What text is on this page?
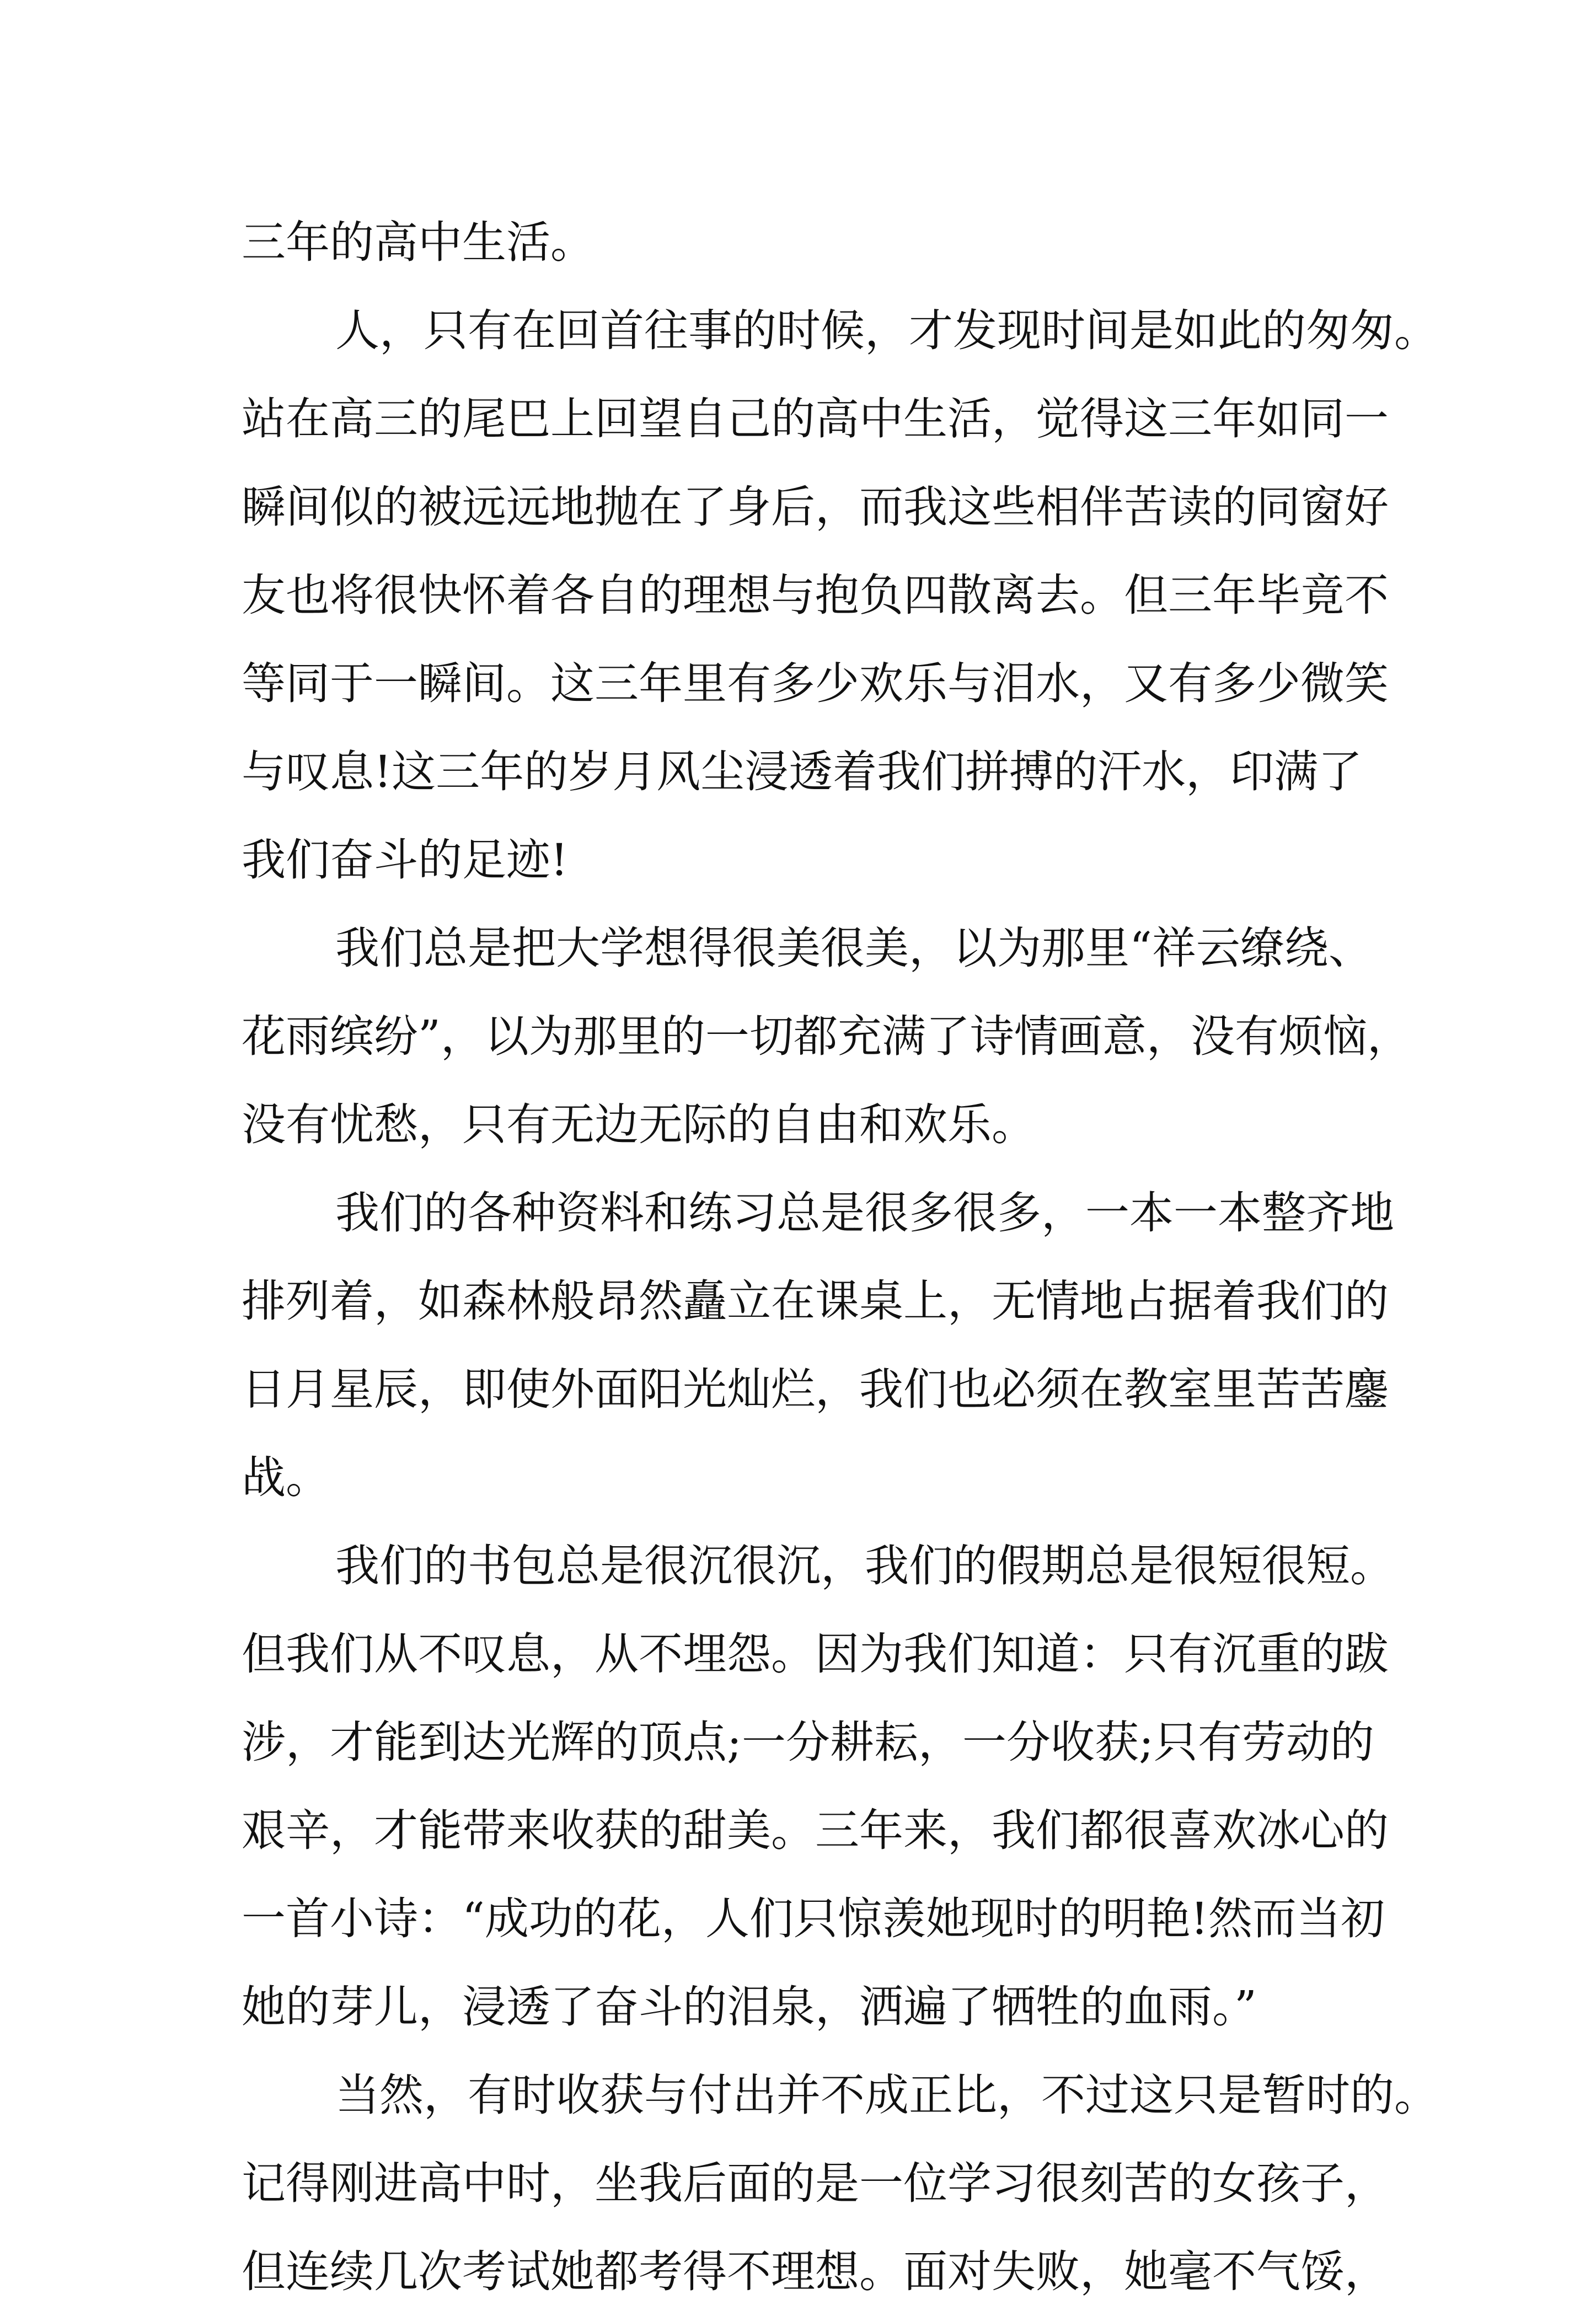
三年的高中生活。
人，只有在回首往事的时候，才发现时间是如此的匆匆。
站在高三的尾巴上回望自己的高中生活，觉得这三年如同一
瞬间似的被远远地抛在了身后，而我这些相伴苦读的同窗好
友也将很快怀着各自的理想与抱负四散离去。但三年毕竟不
等同于一瞬间。这三年里有多少欢乐与泪水，又有多少微笑
与叹息!这三年的岁月风尘浸透着我们拼搏的汗水，印满了
我们奋斗的足迹!
我们总是把大学想得很美很美，以为那里“祥云缭绕、
花雨缤纷”，以为那里的一切都充满了诗情画意，没有烦恼，
没有忧愁，只有无边无际的自由和欢乐。
我们的各种资料和练习总是很多很多，一本一本整齐地
排列着，如森林般昂然矗立在课桌上，无情地占据着我们的
日月星辰，即使外面阳光灿烂，我们也必须在教室里苦苦鏖
战。
我们的书包总是很沉很沉，我们的假期总是很短很短。
但我们从不叹息，从不埋怨。因为我们知道：只有沉重的跋
涉，才能到达光辉的顶点;一分耕耘，一分收获;只有劳动的
艰辛，才能带来收获的甜美。三年来，我们都很喜欢冰心的
一首小诗：“成功的花，人们只惊羡她现时的明艳!然而当初
她的芽儿，浸透了奋斗的泪泉，洒遍了牺牲的血雨。”
当然，有时收获与付出并不成正比，不过这只是暂时的。
记得刚进高中时，坐我后面的是一位学习很刻苦的女孩子，
但连续几次考试她都考得不理想。面对失败，她毫不气馁，
